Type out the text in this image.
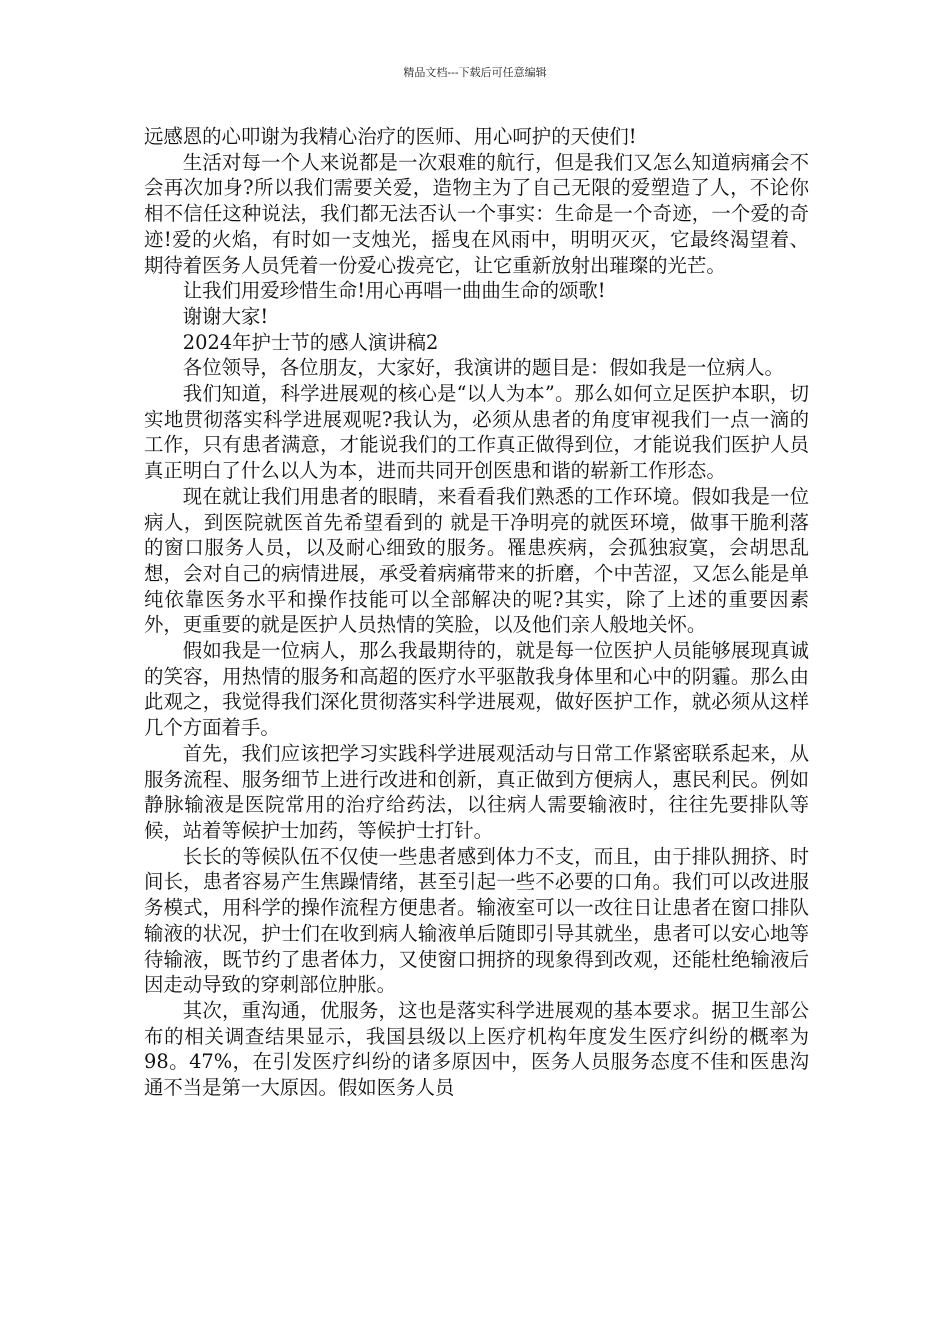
精品文档---下载后可任意编辑

远感恩的心叩谢为我精心治疗的医师、用心呵护的天使们!

生活对每一个人来说都是一次艰难的航行，但是我们又怎么知道病痛会不会再次加身?所以我们需要关爱，造物主为了自己无限的爱塑造了人，不论你相不信任这种说法，我们都无法否认一个事实：生命是一个奇迹，一个爱的奇迹!爱的火焰，有时如一支烛光，摇曳在风雨中，明明灭灭，它最终渴望着、期待着医务人员凭着一份爱心拨亮它，让它重新放射出璀璨的光芒。

让我们用爱珍惜生命!用心再唱一曲曲生命的颂歌!

谢谢大家!

2024年护士节的感人演讲稿2

各位领导，各位朋友，大家好，我演讲的题目是：假如我是一位病人。

我们知道，科学进展观的核心是“以人为本”。那么如何立足医护本职，切实地贯彻落实科学进展观呢?我认为，必须从患者的角度审视我们一点一滴的工作，只有患者满意，才能说我们的工作真正做得到位，才能说我们医护人员真正明白了什么以人为本，进而共同开创医患和谐的崭新工作形态。

现在就让我们用患者的眼睛，来看看我们熟悉的工作环境。假如我是一位病人，到医院就医首先希望看到的 就是干净明亮的就医环境，做事干脆利落的窗口服务人员，以及耐心细致的服务。罹患疾病，会孤独寂寞，会胡思乱想，会对自己的病情进展，承受着病痛带来的折磨，个中苦涩，又怎么能是单纯依靠医务水平和操作技能可以全部解决的呢?其实，除了上述的重要因素外，更重要的就是医护人员热情的笑脸，以及他们亲人般地关怀。

假如我是一位病人，那么我最期待的，就是每一位医护人员能够展现真诚的笑容，用热情的服务和高超的医疗水平驱散我身体里和心中的阴霾。那么由此观之，我觉得我们深化贯彻落实科学进展观，做好医护工作，就必须从这样几个方面着手。

首先，我们应该把学习实践科学进展观活动与日常工作紧密联系起来，从服务流程、服务细节上进行改进和创新，真正做到方便病人，惠民利民。例如静脉输液是医院常用的治疗给药法，以往病人需要输液时，往往先要排队等候，站着等候护士加药，等候护士打针。

长长的等候队伍不仅使一些患者感到体力不支，而且，由于排队拥挤、时间长，患者容易产生焦躁情绪，甚至引起一些不必要的口角。我们可以改进服务模式，用科学的操作流程方便患者。输液室可以一改往日让患者在窗口排队输液的状况，护士们在收到病人输液单后随即引导其就坐，患者可以安心地等待输液，既节约了患者体力，又使窗口拥挤的现象得到改观，还能杜绝输液后因走动导致的穿刺部位肿胀。

其次，重沟通，优服务，这也是落实科学进展观的基本要求。据卫生部公布的相关调查结果显示，我国县级以上医疗机构年度发生医疗纠纷的概率为98。47%，在引发医疗纠纷的诸多原因中，医务人员服务态度不佳和医患沟通不当是第一大原因。假如医务人员
